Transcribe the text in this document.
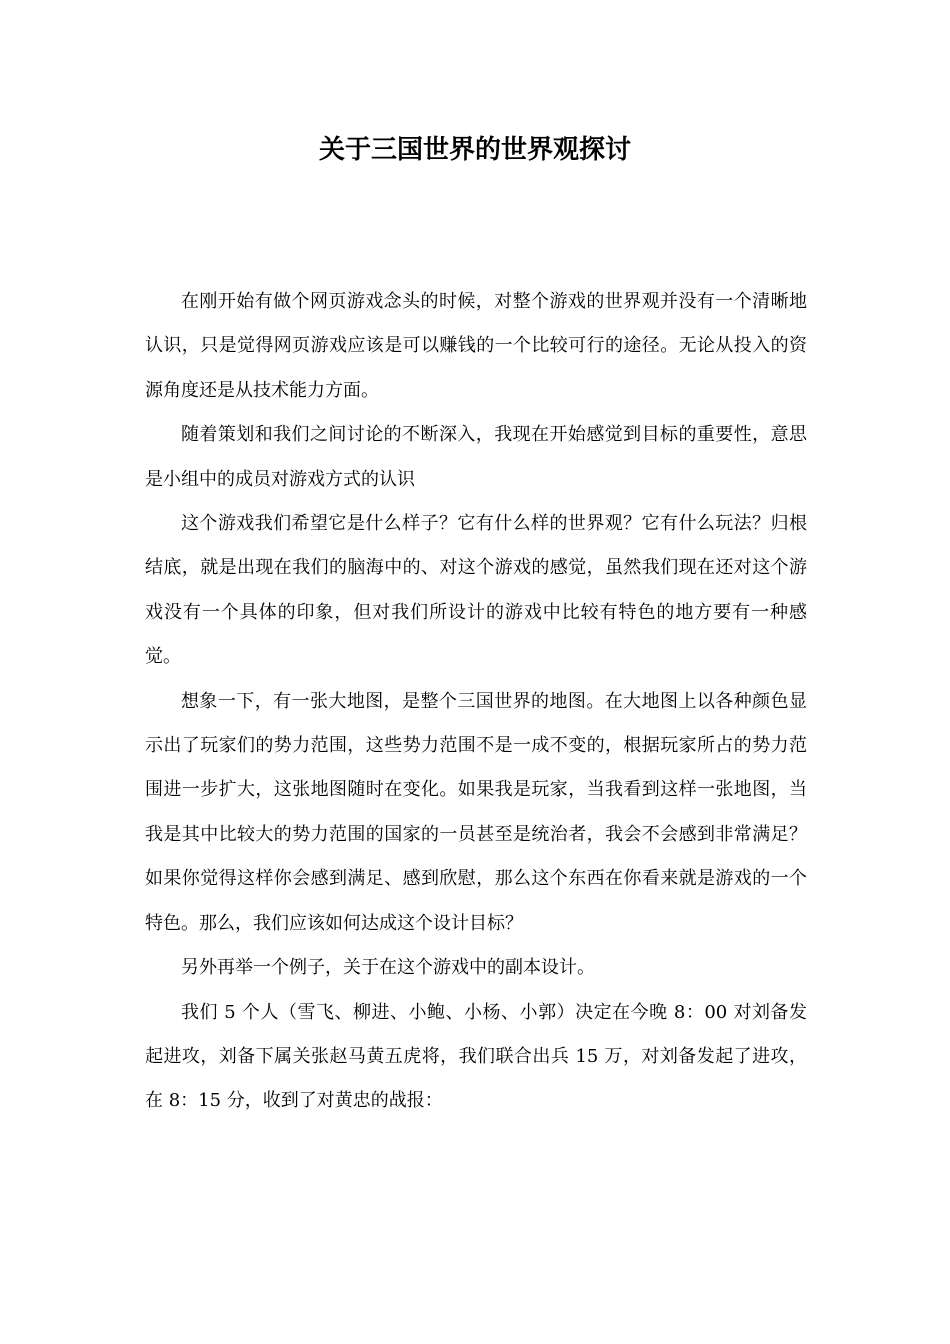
关于三国世界的世界观探讨

在刚开始有做个网页游戏念头的时候，对整个游戏的世界观并没有一个清晰地认识，只是觉得网页游戏应该是可以赚钱的一个比较可行的途径。无论从投入的资源角度还是从技术能力方面。

随着策划和我们之间讨论的不断深入，我现在开始感觉到目标的重要性，意思是小组中的成员对游戏方式的认识

这个游戏我们希望它是什么样子？它有什么样的世界观？它有什么玩法？归根结底，就是出现在我们的脑海中的、对这个游戏的感觉，虽然我们现在还对这个游戏没有一个具体的印象，但对我们所设计的游戏中比较有特色的地方要有一种感觉。

想象一下，有一张大地图，是整个三国世界的地图。在大地图上以各种颜色显示出了玩家们的势力范围，这些势力范围不是一成不变的，根据玩家所占的势力范围进一步扩大，这张地图随时在变化。如果我是玩家，当我看到这样一张地图，当我是其中比较大的势力范围的国家的一员甚至是统治者，我会不会感到非常满足？如果你觉得这样你会感到满足、感到欣慰，那么这个东西在你看来就是游戏的一个特色。那么，我们应该如何达成这个设计目标？

另外再举一个例子，关于在这个游戏中的副本设计。

我们 5 个人（雪飞、柳进、小鲍、小杨、小郭）决定在今晚 8：00 对刘备发起进攻，刘备下属关张赵马黄五虎将，我们联合出兵 15 万，对刘备发起了进攻，在 8：15 分，收到了对黄忠的战报：
